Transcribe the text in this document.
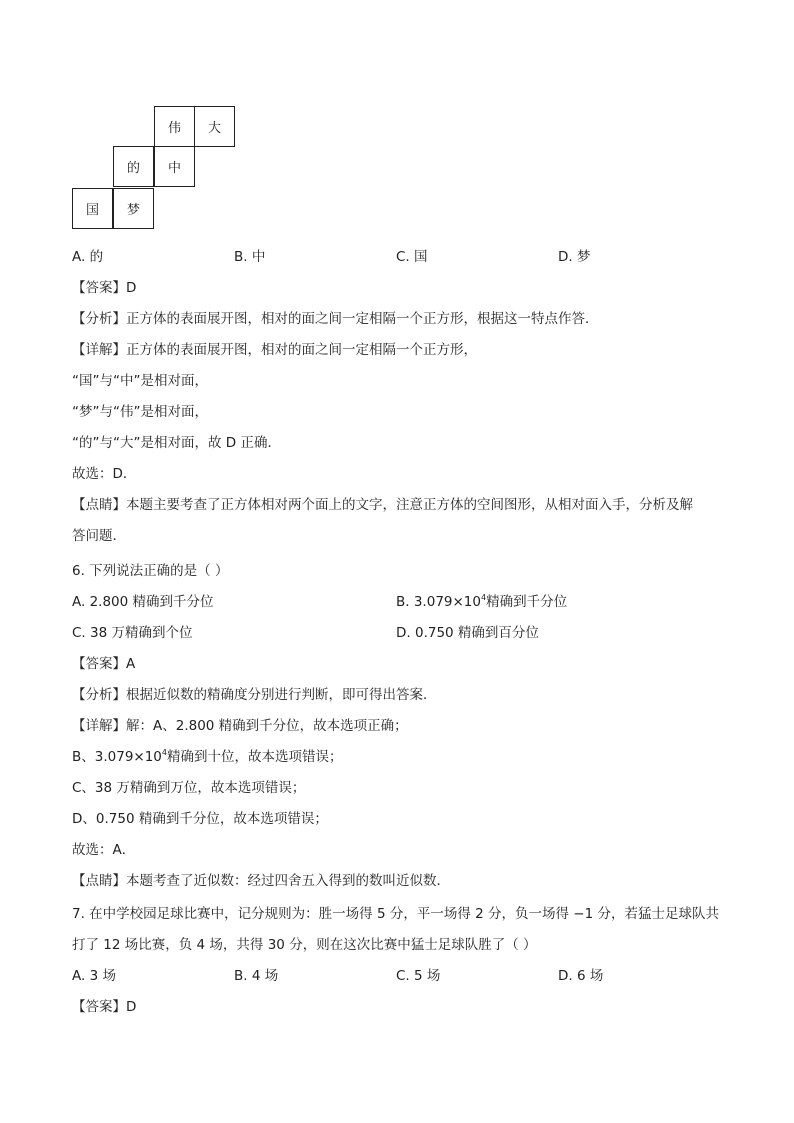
伟	大
的	中
国	梦
A. 的	B. 中	C. 国	D. 梦
【答案】D
【分析】正方体的表面展开图，相对的面之间一定相隔一个正方形，根据这一特点作答．
【详解】正方体的表面展开图，相对的面之间一定相隔一个正方形，
“国”与“中”是相对面，
“梦”与“伟”是相对面，
“的”与“大”是相对面，故 D 正确．
故选：D．
【点睛】本题主要考查了正方体相对两个面上的文字，注意正方体的空间图形，从相对面入手，分析及解
答问题．
6. 下列说法正确的是（ ）
A. 2.800 精确到千分位	B. $3.079\times 10^4$精确到千分位
C. 38 万精确到个位	D. 0.750 精确到百分位
【答案】A
【分析】根据近似数的精确度分别进行判断，即可得出答案．
【详解】解：A、2.800 精确到千分位，故本选项正确；
B、$3.079\times 10^4$精确到十位，故本选项错误；
C、38 万精确到万位，故本选项错误；
D、0.750 精确到千分位，故本选项错误；
故选：A．
【点睛】本题考查了近似数：经过四舍五入得到的数叫近似数．
7. 在中学校园足球比赛中，记分规则为：胜一场得 5 分，平一场得 2 分，负一场得 −1 分，若猛士足球队共
打了 12 场比赛，负 4 场，共得 30 分，则在这次比赛中猛士足球队胜了（ ）
A. 3 场	B. 4 场	C. 5 场	D. 6 场
【答案】D
